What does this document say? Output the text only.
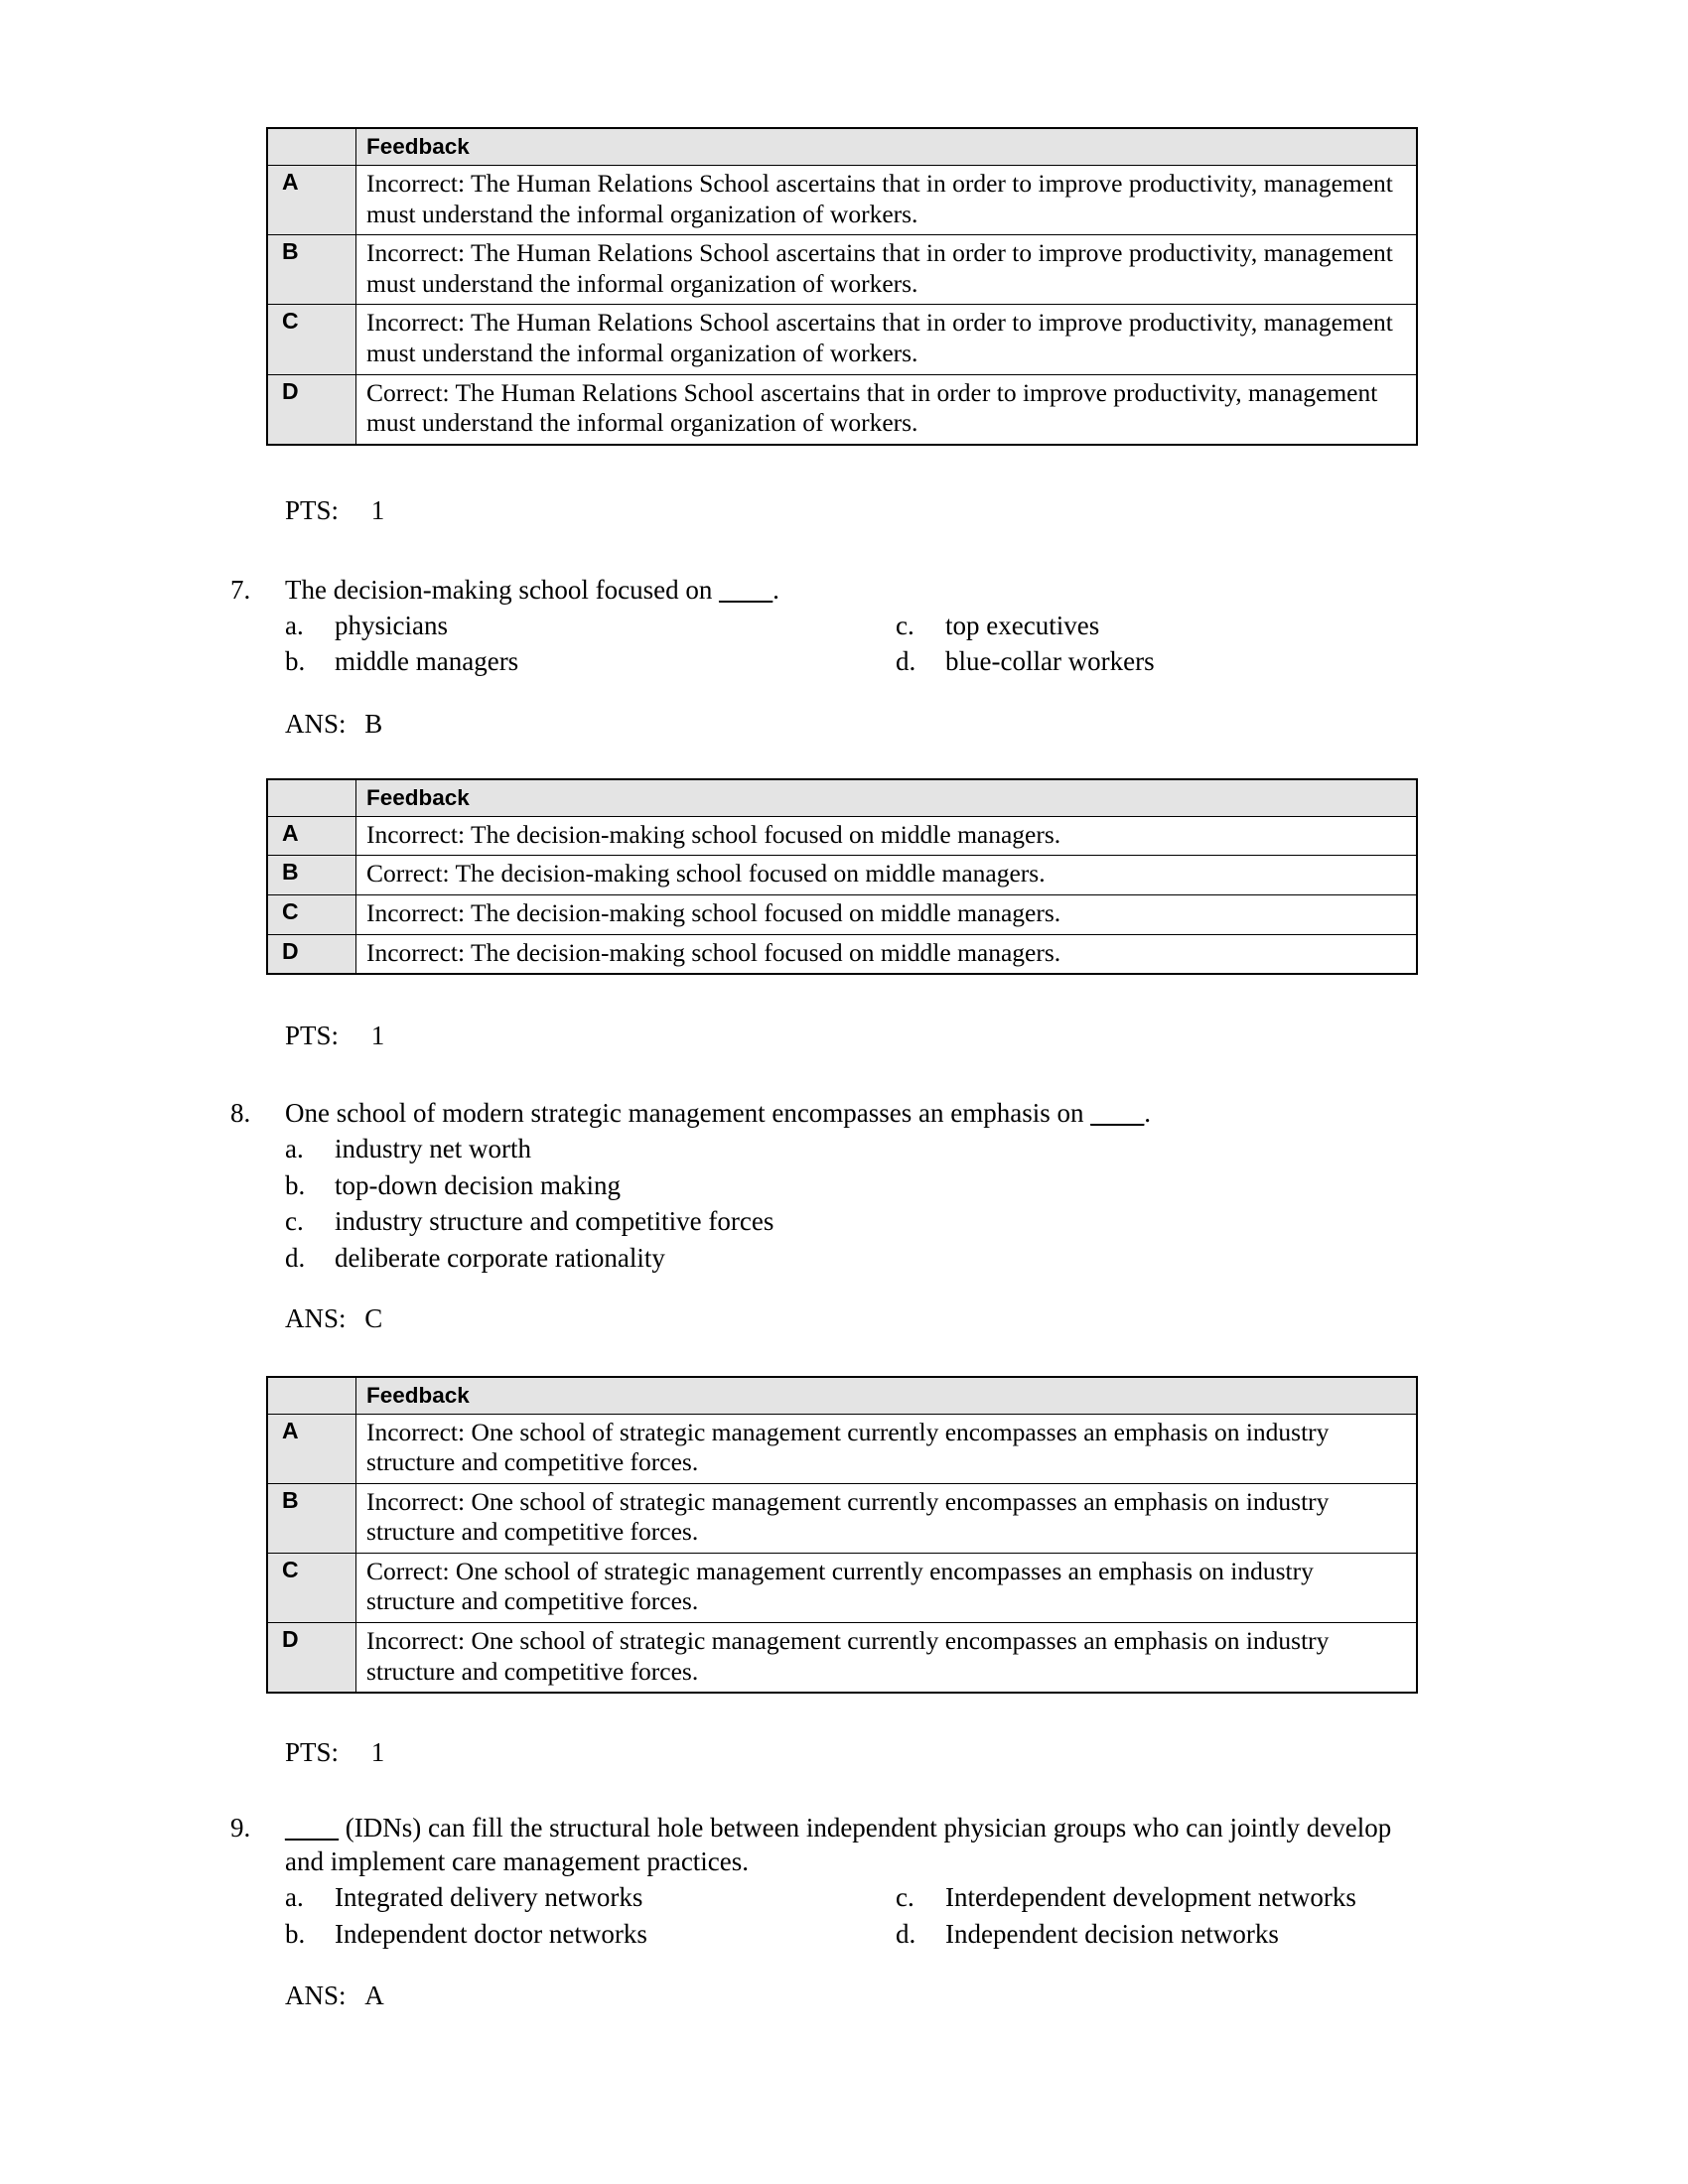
	Feedback
A	Incorrect: The Human Relations School ascertains that in order to improve productivity, management must understand the informal organization of workers.
B	Incorrect: The Human Relations School ascertains that in order to improve productivity, management must understand the informal organization of workers.
C	Incorrect: The Human Relations School ascertains that in order to improve productivity, management must understand the informal organization of workers.
D	Correct: The Human Relations School ascertains that in order to improve productivity, management must understand the informal organization of workers.
PTS: 1
7.	The decision-making school focused on ____.
a.	physicians
b.	middle managers
c.	top executives
d.	blue-collar workers
ANS: B
	Feedback
A	Incorrect: The decision-making school focused on middle managers.
B	Correct: The decision-making school focused on middle managers.
C	Incorrect: The decision-making school focused on middle managers.
D	Incorrect: The decision-making school focused on middle managers.
PTS: 1
8.	One school of modern strategic management encompasses an emphasis on ____.
a.	industry net worth
b.	top-down decision making
c.	industry structure and competitive forces
d.	deliberate corporate rationality
ANS: C
	Feedback
A	Incorrect: One school of strategic management currently encompasses an emphasis on industry structure and competitive forces.
B	Incorrect: One school of strategic management currently encompasses an emphasis on industry structure and competitive forces.
C	Correct: One school of strategic management currently encompasses an emphasis on industry structure and competitive forces.
D	Incorrect: One school of strategic management currently encompasses an emphasis on industry structure and competitive forces.
PTS: 1
9.	____ (IDNs) can fill the structural hole between independent physician groups who can jointly develop
and implement care management practices.
a.	Integrated delivery networks
b.	Independent doctor networks
c.	Interdependent development networks
d.	Independent decision networks
ANS: A
